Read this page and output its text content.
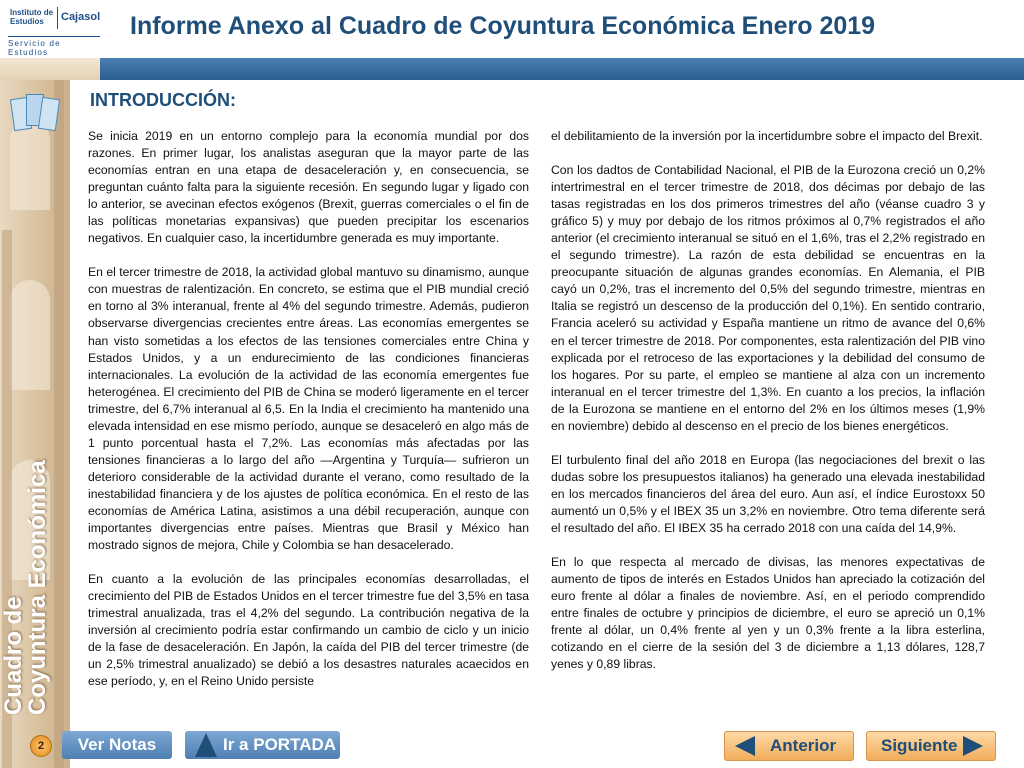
Instituto de Estudios	Cajasol
Servicio de Estudios
Informe Anexo al Cuadro de Coyuntura Económica Enero 2019
Cuadro de
Coyuntura Económica
INTRODUCCIÓN:

Se inicia 2019 en un entorno complejo para la economía mundial por dos razones. En primer lugar, los analistas aseguran que la mayor parte de las economías entran en una etapa de desaceleración y, en consecuencia, se preguntan cuánto falta para la siguiente recesión. En segundo lugar y ligado con lo anterior, se avecinan efectos exógenos (Brexit, guerras comerciales o el fin de las políticas monetarias expansivas) que pueden precipitar los escenarios negativos. En cualquier caso, la incertidumbre generada es muy importante.

En el tercer trimestre de 2018, la actividad global mantuvo su dinamismo, aunque con muestras de ralentización. En concreto, se estima que el PIB mundial creció en torno al 3% interanual, frente al 4% del segundo trimestre. Además, pudieron observarse divergencias crecientes entre áreas. Las economías emergentes se han visto sometidas a los efectos de las tensiones comerciales entre China y Estados Unidos, y a un endurecimiento de las condiciones financieras internacionales. La evolución de la actividad de las economía emergentes fue heterogénea. El crecimiento del PIB de China se moderó ligeramente en el tercer trimestre, del 6,7% interanual al 6,5. En la India el crecimiento ha mantenido una elevada intensidad en ese mismo período, aunque se desaceleró en algo más de 1 punto porcentual hasta el 7,2%. Las economías más afectadas por las tensiones financieras a lo largo del año —Argentina y Turquía— sufrieron un deterioro considerable de la actividad durante el verano, como resultado de la inestabilidad financiera y de los ajustes de política económica. En el resto de las economías de América Latina, asistimos a una débil recuperación, aunque con importantes divergencias entre países. Mientras que Brasil y México han mostrado signos de mejora, Chile y Colombia se han desacelerado.

En cuanto a la evolución de las principales economías desarrolladas, el crecimiento del PIB de Estados Unidos en el tercer trimestre fue del 3,5% en tasa trimestral anualizada, tras el 4,2% del segundo. La contribución negativa de la inversión al crecimiento podría estar confirmando un cambio de ciclo y un inicio de la fase de desaceleración. En Japón, la caída del PIB del tercer trimestre (de un 2,5% trimestral anualizado) se debió a los desastres naturales acaecidos en ese período, y, en el Reino Unido persiste

el debilitamiento de la inversión por la incertidumbre sobre el impacto del Brexit.

Con los dadtos de Contabilidad Nacional, el PIB de la Eurozona creció un 0,2% intertrimestral en el tercer trimestre de 2018, dos décimas por debajo de las tasas registradas en los dos primeros trimestres del año (véanse cuadro 3 y gráfico 5) y muy por debajo de los ritmos próximos al 0,7% registrados el año anterior (el crecimiento interanual se situó en el 1,6%, tras el 2,2% registrado en el segundo trimestre). La razón de esta debilidad se encuentras en la preocupante situación de algunas grandes economías. En Alemania, el PIB cayó un 0,2%, tras el incremento del 0,5% del segundo trimestre, mientras en Italia se registró un descenso de la producción del 0,1%). En sentido contrario, Francia aceleró su actividad y España mantiene un ritmo de avance del 0,6% en el tercer trimestre de 2018. Por componentes, esta ralentización del PIB vino explicada por el retroceso de las exportaciones y la debilidad del consumo de los hogares. Por su parte, el empleo se mantiene al alza con un incremento interanual en el tercer trimestre del 1,3%. En cuanto a los precios, la inflación de la Eurozona se mantiene en el entorno del 2% en los últimos meses (1,9% en noviembre) debido al descenso en el precio de los bienes energéticos.

El turbulento final del año 2018 en Europa (las negociaciones del brexit o las dudas sobre los presupuestos italianos) ha generado una elevada inestabilidad en los mercados financieros del área del euro. Aun así, el índice Eurostoxx 50 aumentó un 0,5% y el IBEX 35 un 3,2% en noviembre. Otro tema diferente será el resultado del año. El IBEX 35 ha cerrado 2018 con una caída del 14,9%.

En lo que respecta al mercado de divisas, las menores expectativas de aumento de tipos de interés en Estados Unidos han apreciado la cotización del euro frente al dólar a finales de noviembre. Así, en el periodo comprendido entre finales de octubre y principios de diciembre, el euro se apreció un 0,1% frente al dólar, un 0,4% frente al yen y un 0,3% frente a la libra esterlina, cotizando en el cierre de la sesión del 3 de diciembre a 1,13 dólares, 128,7 yenes y 0,89 libras.

2	Ver Notas	Ir a PORTADA	Anterior	Siguiente
